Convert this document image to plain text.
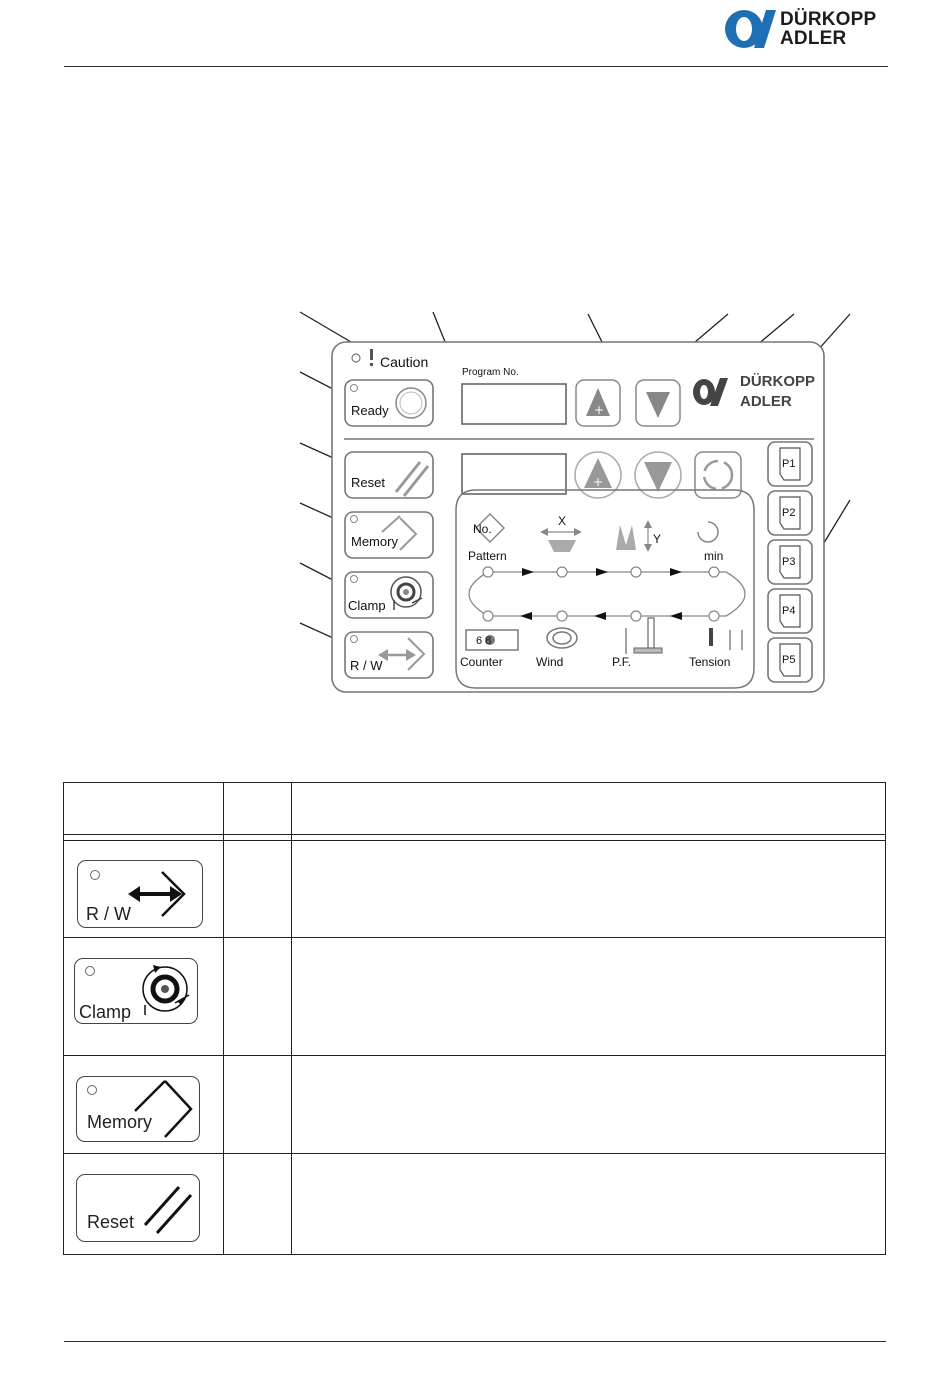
DÜRKOPP
ADLER
+
+
Caution
Ready
Program No.
DÜRKOPP
ADLER
Reset
Memory
Clamp
R / W
No.
Pattern
X
Y
min
6 8
Counter	Wind	P.F.	Tension
P1
P2
P3
P4
P5

R / W		

Clamp		

Memory		

Reset		
